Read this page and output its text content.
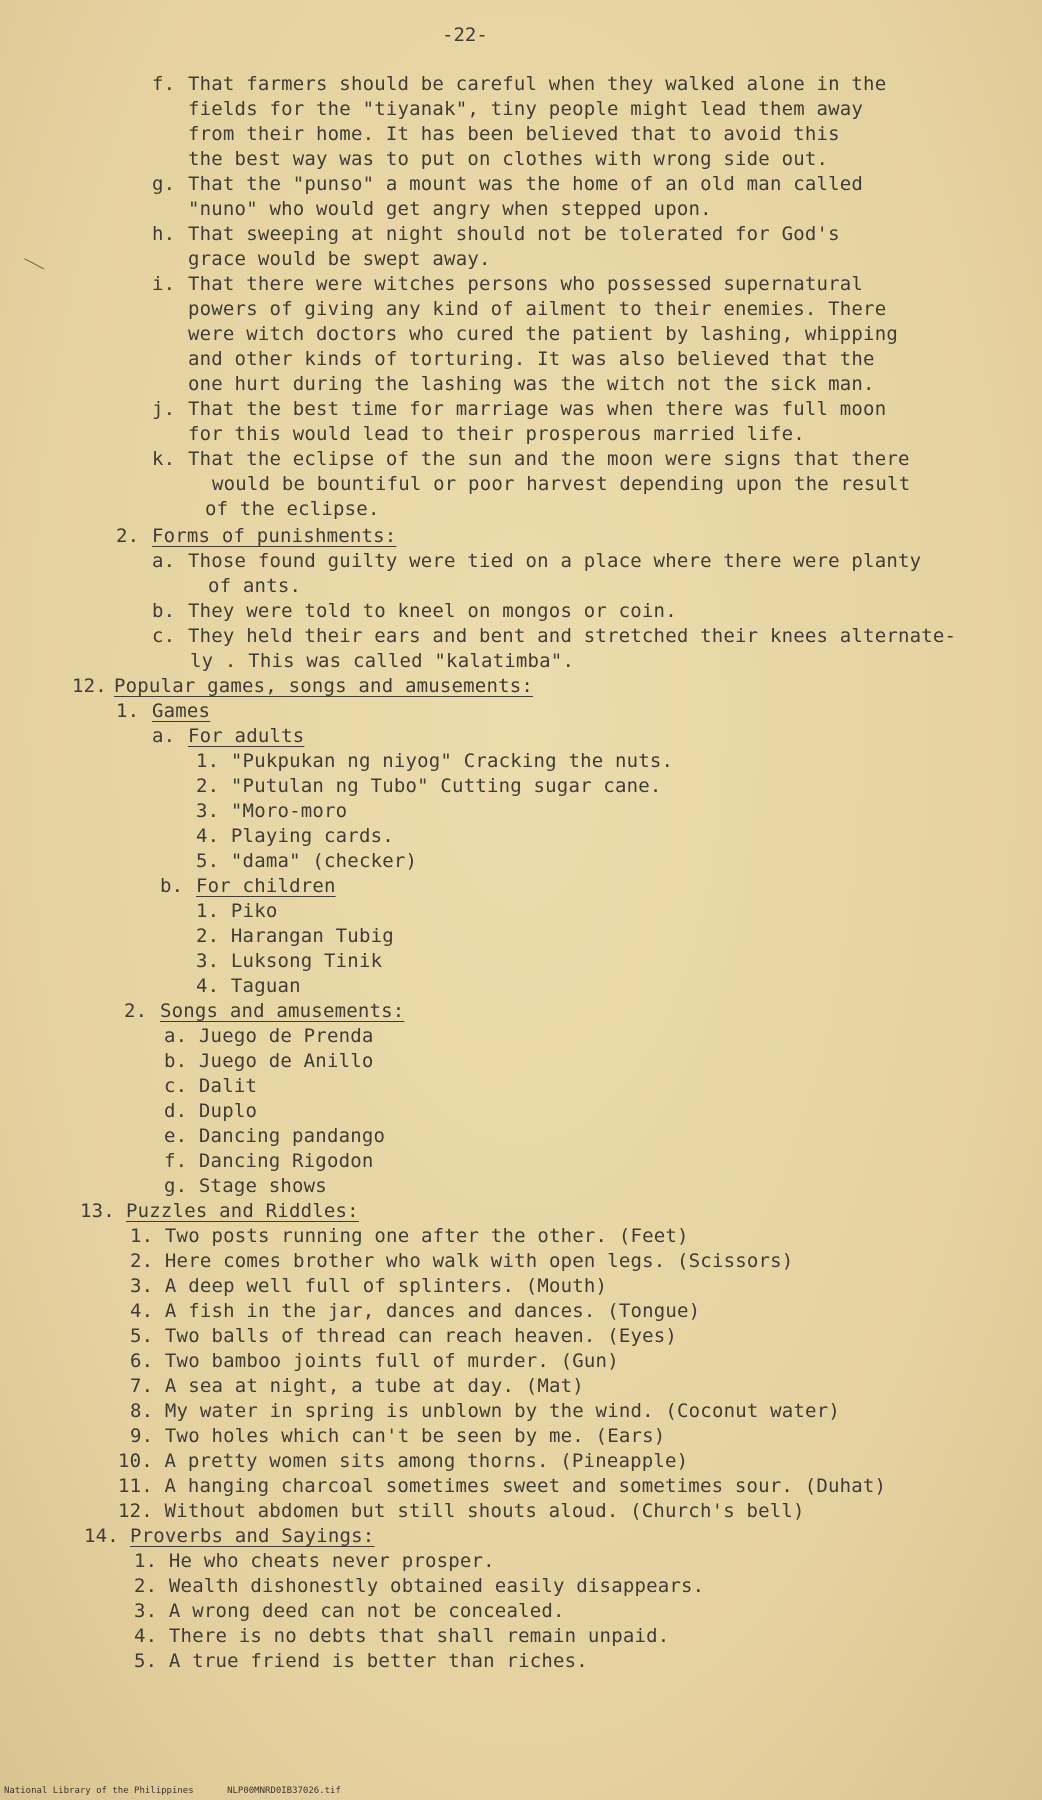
-22-
f. That farmers should be careful when they walked alone in the
fields for the "tiyanak", tiny people might lead them away
from their home. It has been believed that to avoid this
the best way was to put on clothes with wrong side out.
g. That the "punso" a mount was the home of an old man called
"nuno" who would get angry when stepped upon.
h. That sweeping at night should not be tolerated for God's
grace would be swept away.
i. That there were witches persons who possessed supernatural
powers of giving any kind of ailment to their enemies. There
were witch doctors who cured the patient by lashing, whipping
and other kinds of torturing. It was also believed that the
one hurt during the lashing was the witch not the sick man.
j. That the best time for marriage was when there was full moon
for this would lead to their prosperous married life.
k. That the eclipse of the sun and the moon were signs that there
would be bountiful or poor harvest depending upon the result
of the eclipse.
2. Forms of punishments:
a. Those found guilty were tied on a place where there were planty
of ants.
b. They were told to kneel on mongos or coin.
c. They held their ears and bent and stretched their knees alternate-
ly . This was called "kalatimba".
12. Popular games, songs and amusements:
1. Games
a. For adults
1. "Pukpukan ng niyog" Cracking the nuts.
2. "Putulan ng Tubo" Cutting sugar cane.
3. "Moro-moro
4. Playing cards.
5. "dama" (checker)
b. For children
1. Piko
2. Harangan Tubig
3. Luksong Tinik
4. Taguan
2. Songs and amusements:
a. Juego de Prenda
b. Juego de Anillo
c. Dalit
d. Duplo
e. Dancing pandango
f. Dancing Rigodon
g. Stage shows
13. Puzzles and Riddles:
1. Two posts running one after the other. (Feet)
2. Here comes brother who walk with open legs. (Scissors)
3. A deep well full of splinters. (Mouth)
4. A fish in the jar, dances and dances. (Tongue)
5. Two balls of thread can reach heaven. (Eyes)
6. Two bamboo joints full of murder. (Gun)
7. A sea at night, a tube at day. (Mat)
8. My water in spring is unblown by the wind. (Coconut water)
9. Two holes which can't be seen by me. (Ears)
10. A pretty women sits among thorns. (Pineapple)
11. A hanging charcoal sometimes sweet and sometimes sour. (Duhat)
12. Without abdomen but still shouts aloud. (Church's bell)
14. Proverbs and Sayings:
1. He who cheats never prosper.
2. Wealth dishonestly obtained easily disappears.
3. A wrong deed can not be concealed.
4. There is no debts that shall remain unpaid.
5. A true friend is better than riches.
National Library of the Philippines	NLP00MNRD0IB37026.tif
